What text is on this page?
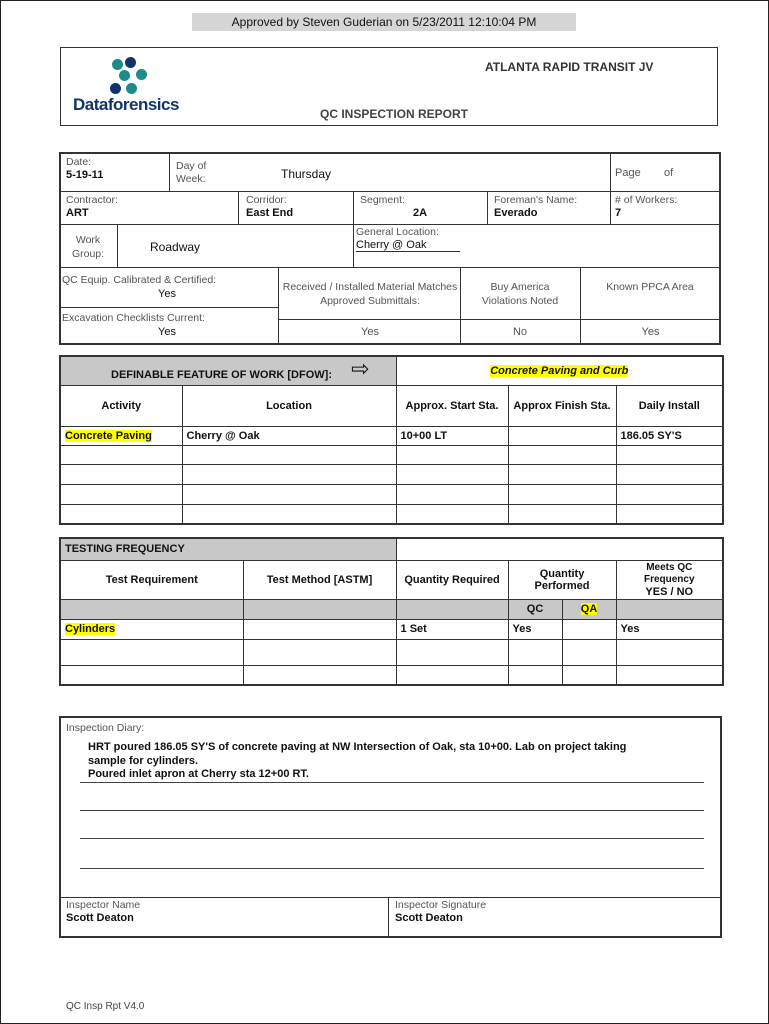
Approved by Steven Guderian on 5/23/2011 12:10:04 PM
Dataforensics
ATLANTA RAPID TRANSIT JV
QC INSPECTION REPORT
Date:
5-19-11
Day of Week:	Thursday	Page of
Contractor:
ART
Corridor:
East End
Segment:
2A
Foreman's Name:
Everado
# of Workers:
7
Work Group:	Roadway
General Location:
Cherry @ Oak
QC Equip. Calibrated & Certified:
Yes
Excavation Checklists Current:
Yes
Received / Installed Material Matches Approved Submittals:
Yes
Buy America Violations Noted
No
Known PPCA Area
Yes
DEFINABLE FEATURE OF WORK [DFOW]: ⇨		Concrete Paving and Curb		
Activity	Location	Approx. Start Sta.	Approx Finish Sta.	Daily Install
Concrete Paving	Cherry @ Oak	10+00 LT		186.05 SY'S

TESTING FREQUENCY					
Test Requirement	Test Method [ASTM]	Quantity Required	Quantity Performed		Meets QC Frequency
YES / NO

			QC	QA	
Cylinders		1 Set	Yes		Yes

Inspection Diary:
HRT poured 186.05 SY'S of concrete paving at NW Intersection of Oak, sta 10+00. Lab on project taking
sample for cylinders.
Poured inlet apron at Cherry sta 12+00 RT.
Inspector Name
Scott Deaton
Inspector Signature
Scott Deaton
QC Insp Rpt V4.0
